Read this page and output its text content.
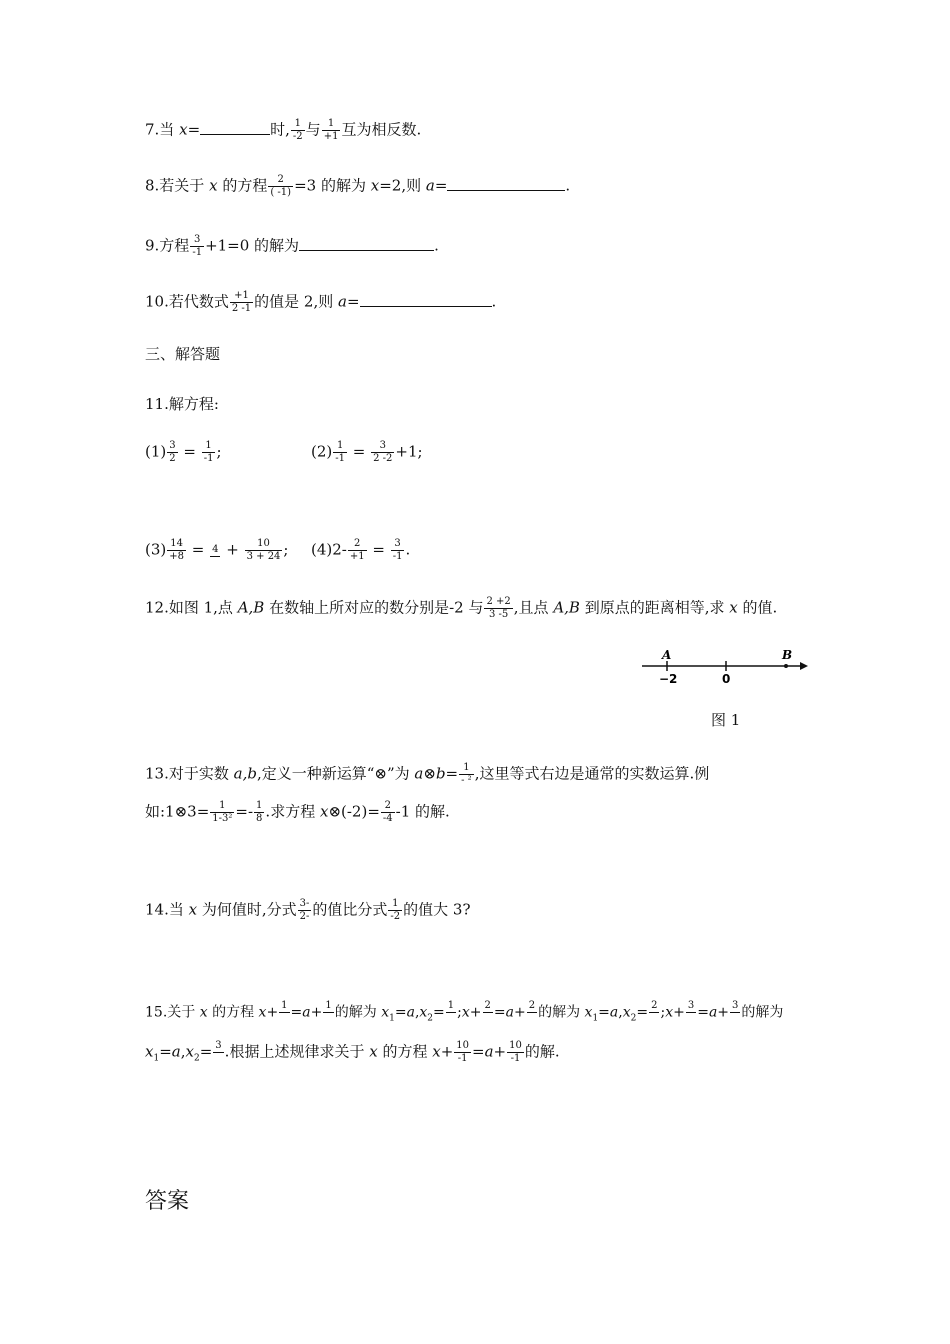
7.当 x=	时, $\frac{1}{-2}$ 与 $\frac{1}{+1}$ 互为相反数.
8.若关于 x 的方程 $\frac{2}{( -1)} =3$ 的解为 x=2,则 a=	.
9.方程 $\frac{3}{-1} +1=0$ 的解为	.
10.若代数式 $\frac{+1}{2 -1}$ 的值是 2,则 a=	.
三、解答题
11.解方程:
$(1) \frac{3}{2} = \frac{1}{-1}$ ;	$(2) \frac{1}{-1} = \frac{3}{2 -2} +1$;
$(3) \frac{14}{+8} = 4 + \frac{10}{3 + 24}$ ; $(4)2- \frac{2}{+1} = \frac{3}{-1}$ .
12.如图 1,点 A,B 在数轴上所对应的数分别是-2 与 $\frac{2 +2}{3 -5}$ ,且点 A,B 到原点的距离相等,求 x 的值.
A	B
−2	0
图 1
13.对于实数 a,b,定义一种新运算“⊗”为 a⊗b= $\frac{1}{\text{- ²}}$ ,这里等式右边是通常的实数运算.例
如:1⊗3= $\frac{1}{\text{1-3²}} =- \frac{1}{8}$ .求方程 x⊗(-2)= $\frac{2}{-4} -1$ 的解.
14.当 x 为何值时,分式 $\frac{3-}{2-}$ 的值比分式 $\frac{1}{-2}$ 的值大 3?
15.关于 x 的方程 x+ 1
=a+ 1
的解为 $x_1=a,x_2= 1$
;x+ 2
=a+ 2
的解为 $x_1=a,x_2= 2$
;x+ 3
=a+ 3
的解为
$x_1=a,x_2= 3$
.根据上述规律求关于 x 的方程 $x+ \frac{10}{-1} =a+ \frac{10}{-1}$ 的解.
答案
